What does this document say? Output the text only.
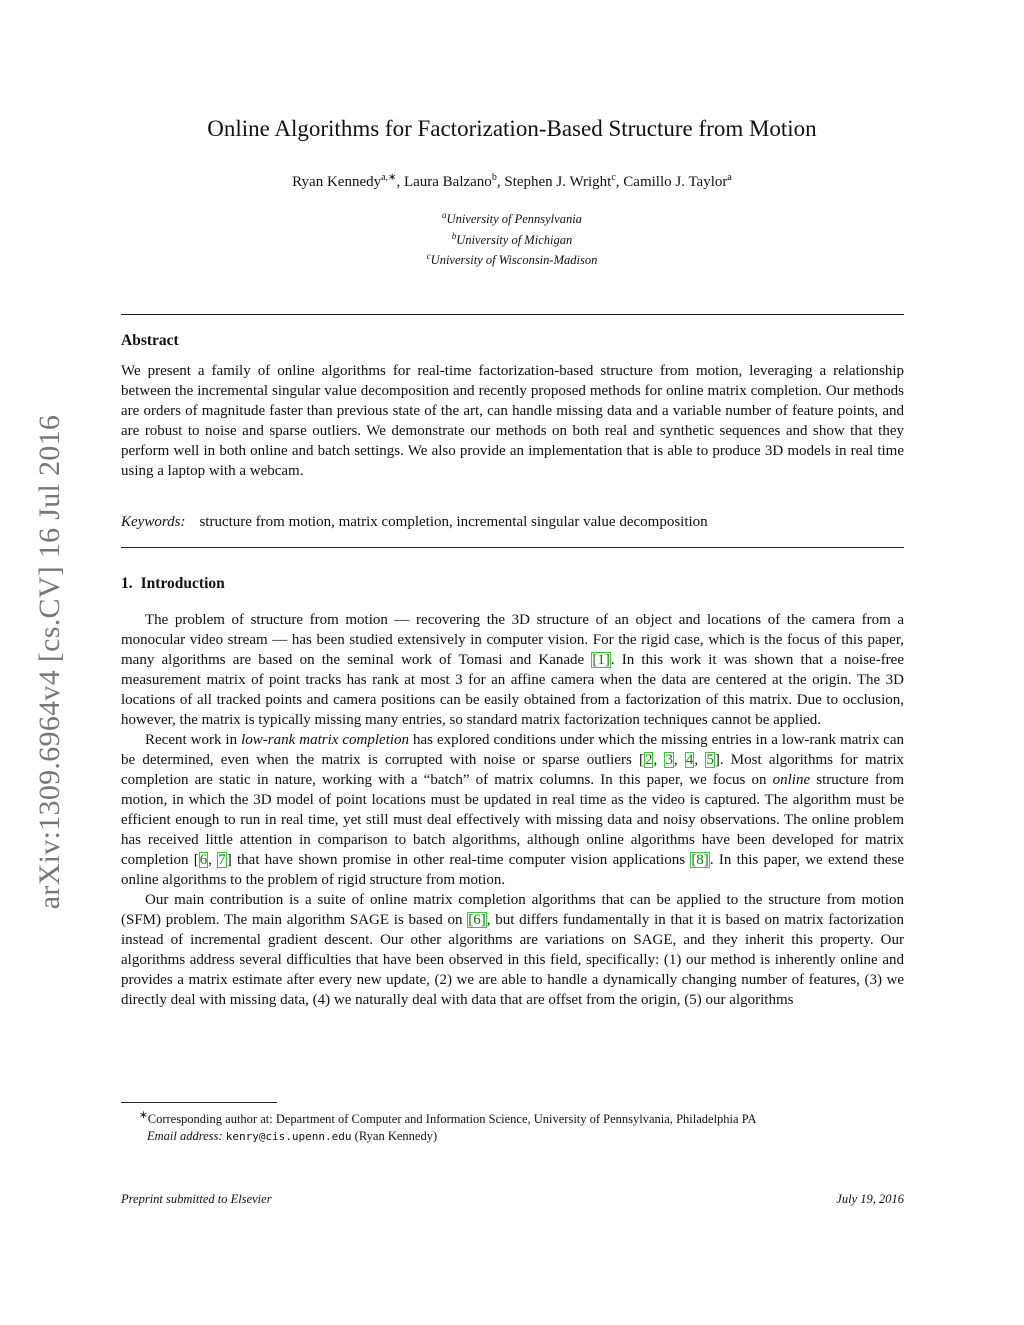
arXiv:1309.6964v4 [cs.CV] 16 Jul 2016
Online Algorithms for Factorization-Based Structure from Motion
Ryan Kennedy$^{a,∗}$, Laura Balzano$^b$, Stephen J. Wright$^c$, Camillo J. Taylor$^a$
$^a$University of Pennsylvania
$^b$University of Michigan
$^c$University of Wisconsin-Madison
Abstract

We present a family of online algorithms for real-time factorization-based structure from motion, leveraging a relationship between the incremental singular value decomposition and recently proposed methods for online matrix completion. Our methods are orders of magnitude faster than previous state of the art, can handle missing data and a variable number of feature points, and are robust to noise and sparse outliers. We demonstrate our methods on both real and synthetic sequences and show that they perform well in both online and batch settings. We also provide an implementation that is able to produce 3D models in real time using a laptop with a webcam.

Keywords: structure from motion, matrix completion, incremental singular value decomposition
1. Introduction

The problem of structure from motion — recovering the 3D structure of an object and locations of the camera from a monocular video stream — has been studied extensively in computer vision. For the rigid case, which is the focus of this paper, many algorithms are based on the seminal work of Tomasi and Kanade [1]. In this work it was shown that a noise-free measurement matrix of point tracks has rank at most 3 for an affine camera when the data are centered at the origin. The 3D locations of all tracked points and camera positions can be easily obtained from a factorization of this matrix. Due to occlusion, however, the matrix is typically missing many entries, so standard matrix factorization techniques cannot be applied.

Recent work in low-rank matrix completion has explored conditions under which the missing entries in a low-rank matrix can be determined, even when the matrix is corrupted with noise or sparse outliers [2, 3, 4, 5]. Most algorithms for matrix completion are static in nature, working with a “batch” of matrix columns. In this paper, we focus on online structure from motion, in which the 3D model of point locations must be updated in real time as the video is captured. The algorithm must be efficient enough to run in real time, yet still must deal effectively with missing data and noisy observations. The online problem has received little attention in comparison to batch algorithms, although online algorithms have been developed for matrix completion [6, 7] that have shown promise in other real-time computer vision applications [8]. In this paper, we extend these online algorithms to the problem of rigid structure from motion.

Our main contribution is a suite of online matrix completion algorithms that can be applied to the structure from motion (SFM) problem. The main algorithm SAGE is based on [6], but differs fundamentally in that it is based on matrix factorization instead of incremental gradient descent. Our other algorithms are variations on SAGE, and they inherit this property. Our algorithms address several difficulties that have been observed in this field, specifically: (1) our method is inherently online and provides a matrix estimate after every new update, (2) we are able to handle a dynamically changing number of features, (3) we directly deal with missing data, (4) we naturally deal with data that are offset from the origin, (5) our algorithms

∗Corresponding author at: Department of Computer and Information Science, University of Pennsylvania, Philadelphia PA
Email address: kenry@cis.upenn.edu (Ryan Kennedy)
Preprint submitted to Elsevier	July 19, 2016
